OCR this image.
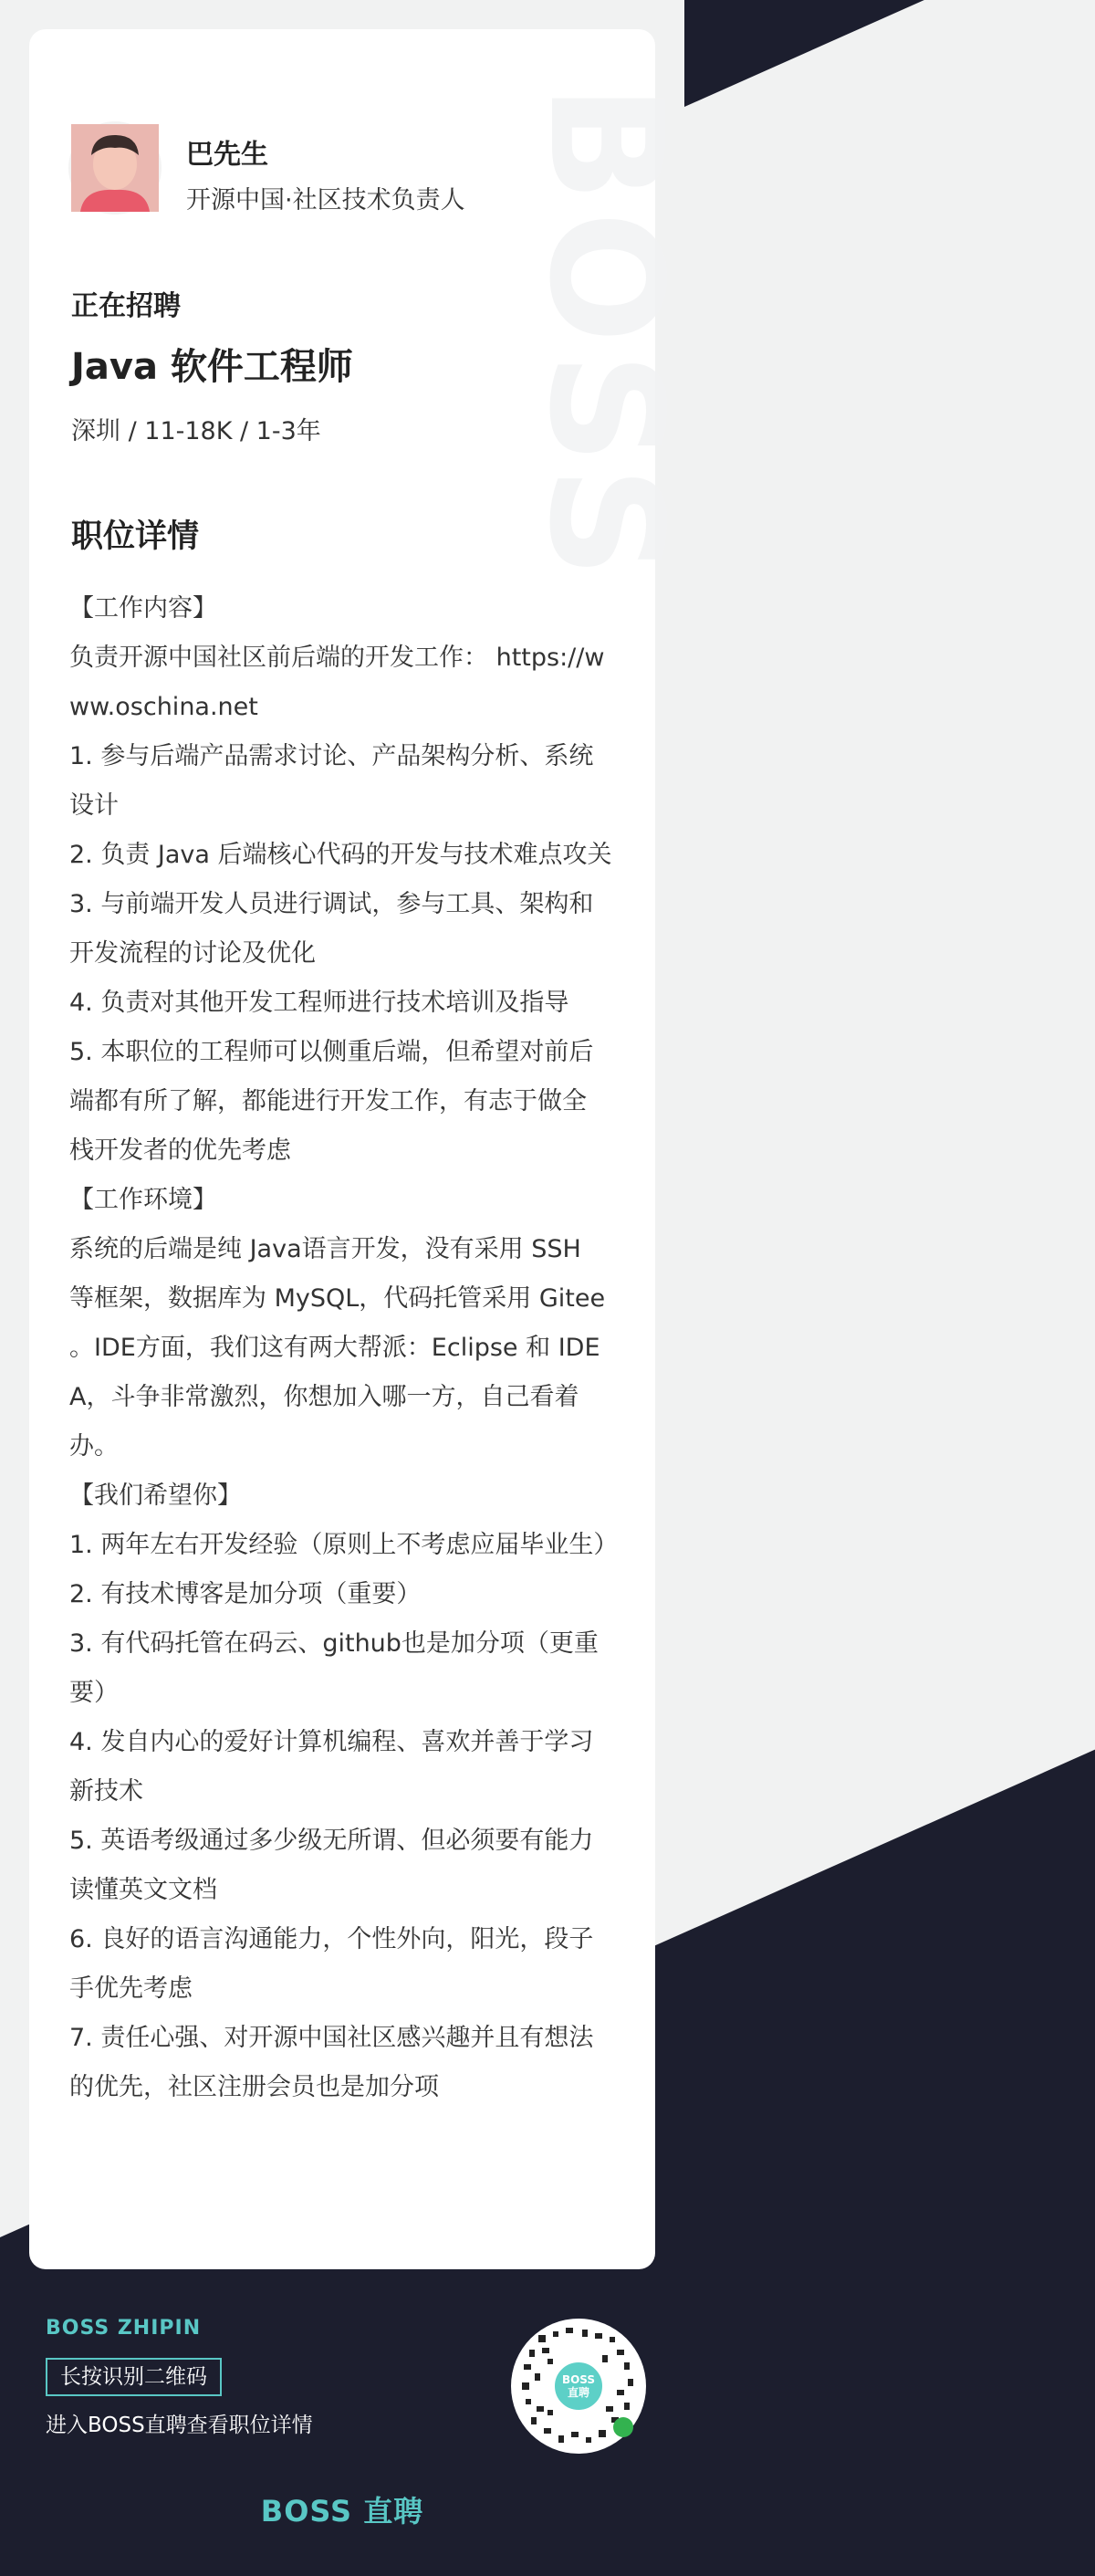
BOSS
巴先生
开源中国·社区技术负责人
正在招聘
Java 软件工程师
深圳 / 11-18K / 1-3年
职位详情
【工作内容】
负责开源中国社区前后端的开发工作： https://w
ww.oschina.net
1. 参与后端产品需求讨论、产品架构分析、系统
设计
2. 负责 Java 后端核心代码的开发与技术难点攻关
3. 与前端开发人员进行调试，参与工具、架构和
开发流程的讨论及优化
4. 负责对其他开发工程师进行技术培训及指导
5. 本职位的工程师可以侧重后端，但希望对前后
端都有所了解，都能进行开发工作，有志于做全
栈开发者的优先考虑
【工作环境】
系统的后端是纯 Java语言开发，没有采用 SSH
等框架，数据库为 MySQL，代码托管采用 Gitee
。IDE方面，我们这有两大帮派：Eclipse 和 IDE
A，斗争非常激烈，你想加入哪一方，自己看着
办。
【我们希望你】
1. 两年左右开发经验（原则上不考虑应届毕业生）
2. 有技术博客是加分项（重要）
3. 有代码托管在码云、github也是加分项（更重
要）
4. 发自内心的爱好计算机编程、喜欢并善于学习
新技术
5. 英语考级通过多少级无所谓、但必须要有能力
读懂英文文档
6. 良好的语言沟通能力，个性外向，阳光，段子
手优先考虑
7. 责任心强、对开源中国社区感兴趣并且有想法
的优先，社区注册会员也是加分项
BOSS ZHIPIN
长按识别二维码
进入BOSS直聘查看职位详情
BOSS
直聘
BOSS 直聘
